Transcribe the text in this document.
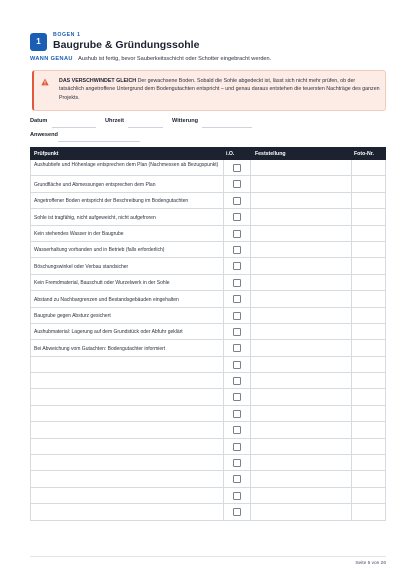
1
BOGEN 1
Baugrube & Gründungssohle
WANN GENAU Aushub ist fertig, bevor Sauberkeitsschicht oder Schotter eingebracht werden.
DAS VERSCHWINDET GLEICH Der gewachsene Boden. Sobald die Sohle abgedeckt ist, lässt sich nicht mehr prüfen, ob der tatsächlich angetroffene Untergrund dem Bodengutachten entspricht – und genau daraus entstehen die teuersten Nachträge des ganzen Projekts.
Datum	Uhrzeit	Witterung
Anwesend
Prüfpunkt	i.O.	Feststellung	Foto-Nr.
Aushubtiefe und Höhenlage entsprechen dem Plan (Nachmessen ab Bezugspunkt)
Grundfläche und Abmessungen entsprechen dem Plan
Angetroffener Boden entspricht der Beschreibung im Bodengutachten
Sohle ist tragfähig, nicht aufgeweicht, nicht aufgefroren
Kein stehendes Wasser in der Baugrube
Wasserhaltung vorhanden und in Betrieb (falls erforderlich)
Böschungswinkel oder Verbau standsicher
Kein Fremdmaterial, Bauschutt oder Wurzelwerk in der Sohle
Abstand zu Nachbargrenzen und Bestandsgebäuden eingehalten
Baugrube gegen Absturz gesichert
Aushubmaterial: Lagerung auf dem Grundstück oder Abfuhr geklärt
Bei Abweichung vom Gutachten: Bodengutachter informiert
Seite 5 von 26
